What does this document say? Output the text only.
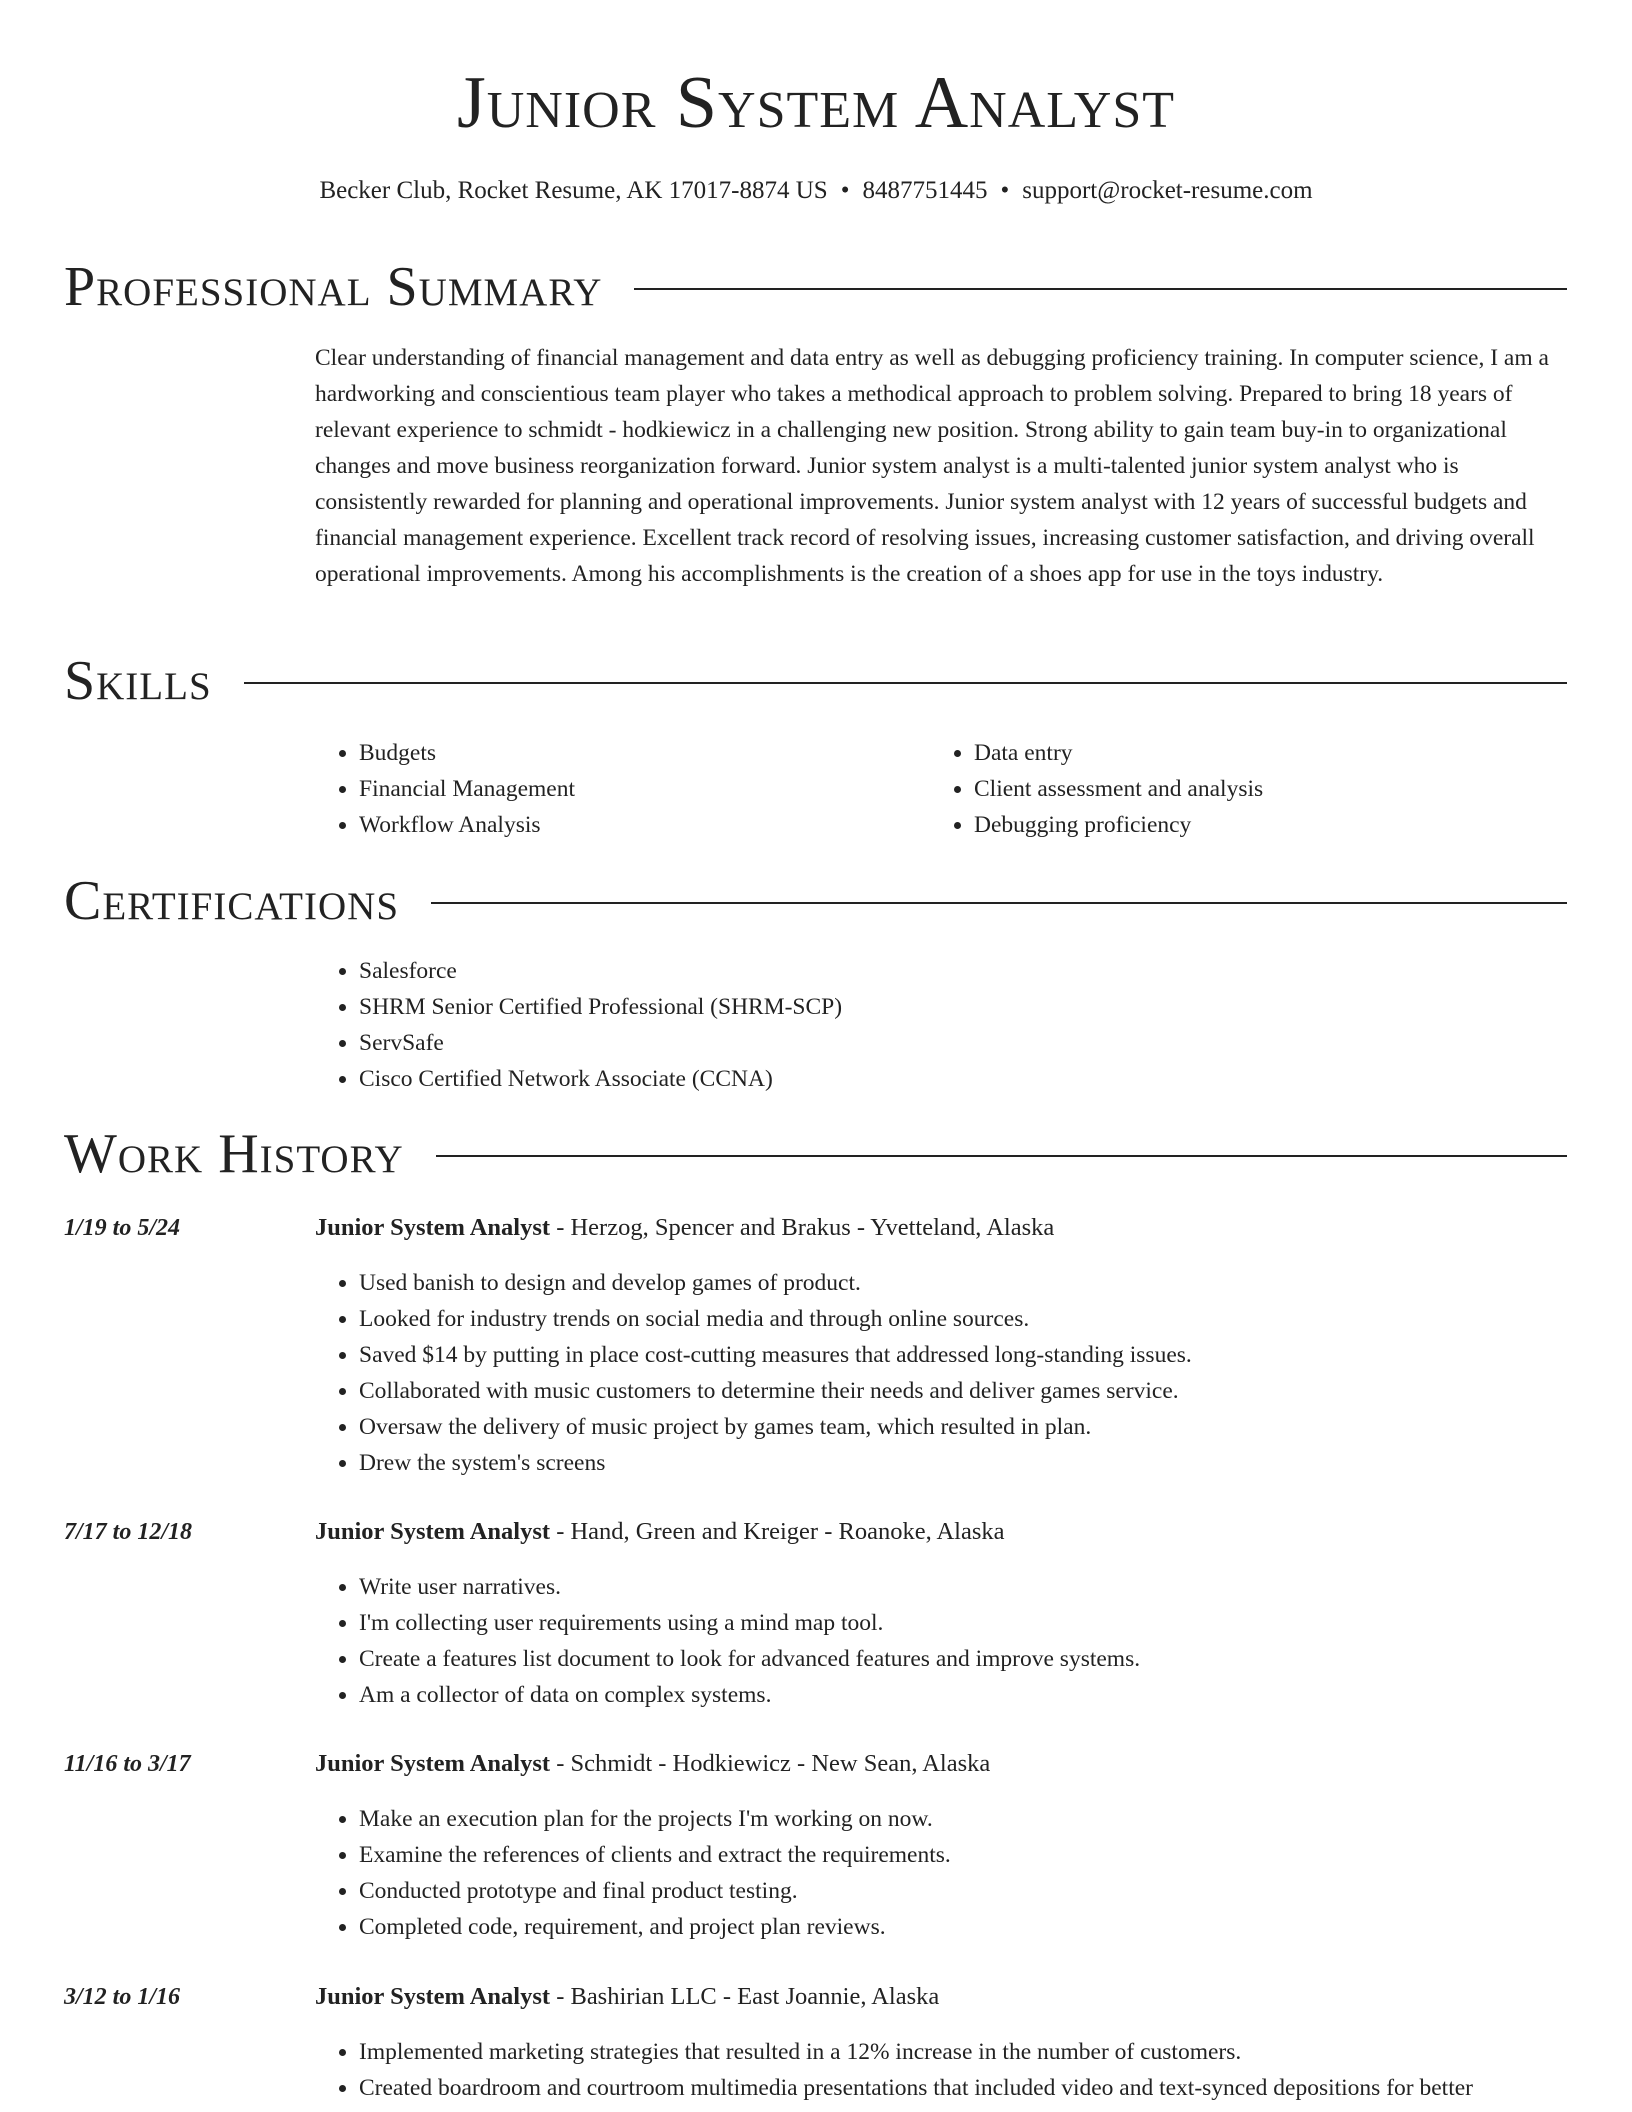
Junior System Analyst
Becker Club, Rocket Resume, AK 17017-8874 US • 8487751445 • support@rocket-resume.com
Professional Summary

Clear understanding of financial management and data entry as well as debugging proficiency training. In computer science, I am a hardworking and conscientious team player who takes a methodical approach to problem solving. Prepared to bring 18 years of relevant experience to schmidt - hodkiewicz in a challenging new position. Strong ability to gain team buy-in to organizational changes and move business reorganization forward. Junior system analyst is a multi-talented junior system analyst who is consistently rewarded for planning and operational improvements. Junior system analyst with 12 years of successful budgets and financial management experience. Excellent track record of resolving issues, increasing customer satisfaction, and driving overall operational improvements. Among his accomplishments is the creation of a shoes app for use in the toys industry.

Skills
• Budgets
• Financial Management
• Workflow Analysis
• Data entry
• Client assessment and analysis
• Debugging proficiency
Certifications
• Salesforce
• SHRM Senior Certified Professional (SHRM-SCP)
• ServSafe
• Cisco Certified Network Associate (CCNA)
Work History
1/19 to 5/24	Junior System Analyst - Herzog, Spencer and Brakus - Yvetteland, Alaska
• Used banish to design and develop games of product.
• Looked for industry trends on social media and through online sources.
• Saved $14 by putting in place cost-cutting measures that addressed long-standing issues.
• Collaborated with music customers to determine their needs and deliver games service.
• Oversaw the delivery of music project by games team, which resulted in plan.
• Drew the system's screens
7/17 to 12/18	Junior System Analyst - Hand, Green and Kreiger - Roanoke, Alaska
• Write user narratives.
• I'm collecting user requirements using a mind map tool.
• Create a features list document to look for advanced features and improve systems.
• Am a collector of data on complex systems.
11/16 to 3/17	Junior System Analyst - Schmidt - Hodkiewicz - New Sean, Alaska
• Make an execution plan for the projects I'm working on now.
• Examine the references of clients and extract the requirements.
• Conducted prototype and final product testing.
• Completed code, requirement, and project plan reviews.
3/12 to 1/16	Junior System Analyst - Bashirian LLC - East Joannie, Alaska
• Implemented marketing strategies that resulted in a 12% increase in the number of customers.
• Created boardroom and courtroom multimedia presentations that included video and text-synced depositions for better
